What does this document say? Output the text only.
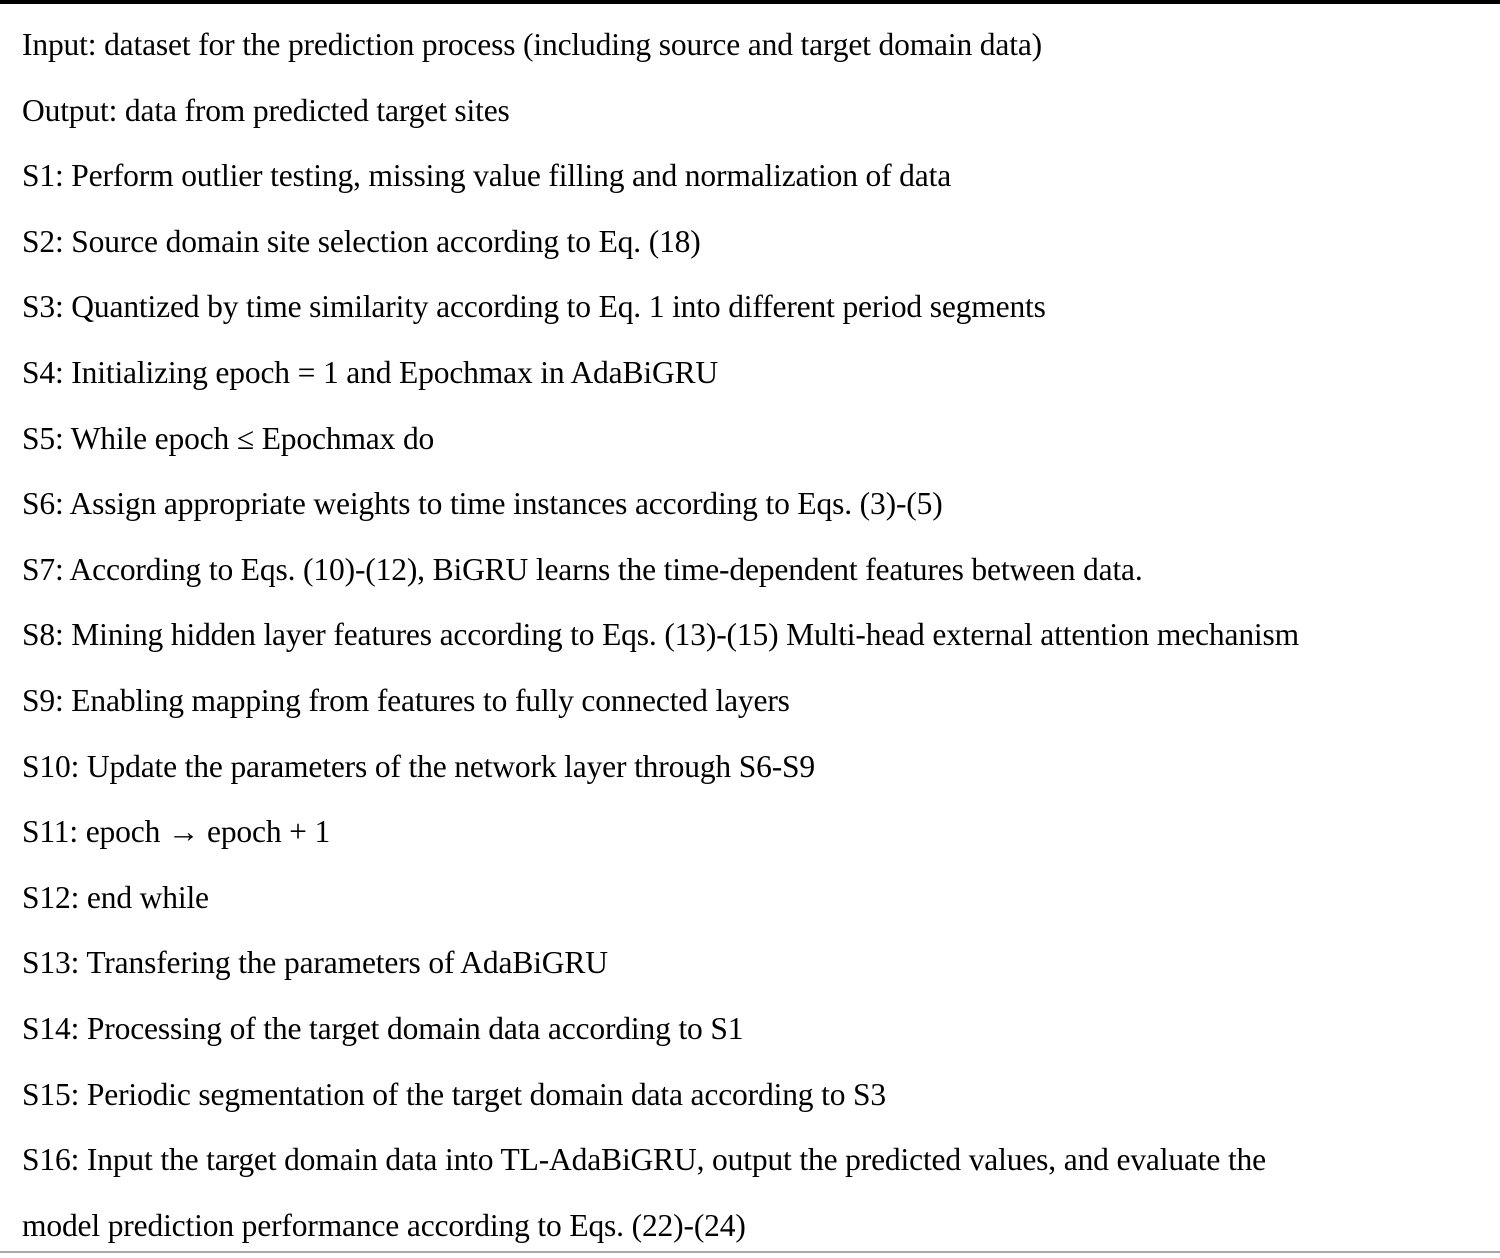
Input: dataset for the prediction process (including source and target domain data)
Output: data from predicted target sites
S1: Perform outlier testing, missing value filling and normalization of data
S2: Source domain site selection according to Eq. (18)
S3: Quantized by time similarity according to Eq. 1 into different period segments
S4: Initializing epoch = 1 and Epochmax in AdaBiGRU
S5: While epoch ≤ Epochmax do
S6: Assign appropriate weights to time instances according to Eqs. (3)-(5)
S7: According to Eqs. (10)-(12), BiGRU learns the time-dependent features between data.
S8: Mining hidden layer features according to Eqs. (13)-(15) Multi-head external attention mechanism
S9: Enabling mapping from features to fully connected layers
S10: Update the parameters of the network layer through S6-S9
S11: epoch → epoch + 1
S12: end while
S13: Transfering the parameters of AdaBiGRU
S14: Processing of the target domain data according to S1
S15: Periodic segmentation of the target domain data according to S3
S16: Input the target domain data into TL-AdaBiGRU, output the predicted values, and evaluate the
model prediction performance according to Eqs. (22)-(24)
